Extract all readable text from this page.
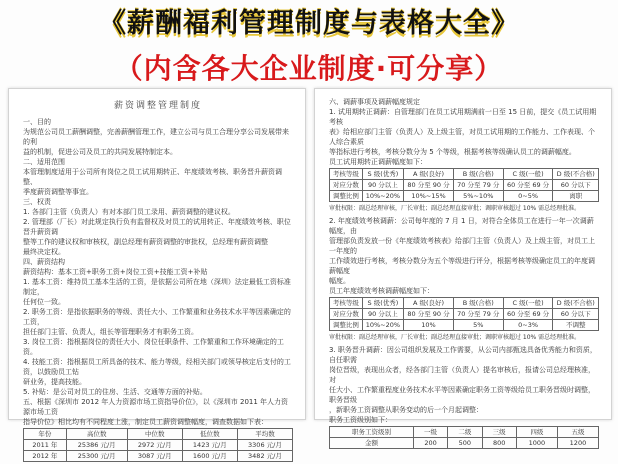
《薪酬福利管理制度与表格大全》
（内含各大企业制度·可分享）
薪资调整管理制度
一、目的
为规范公司员工薪酬调整，完善薪酬管理工作，建立公司与员工合理分享公司发展带来的利
益的机制，促进公司及员工的共同发展特制定本。
二、适用范围
本管理制度适用于公司所有岗位之员工试用期转正、年度绩效考核、职务晋升薪资调整、
季度薪资调整等事宜。
三、权责
1. 各部门主管（负责人）有对本部门员工录用、薪资调整的建议权。
2. 管理部（厂长）对此规定执行负有监督权及对员工的试用转正、年度绩效考核、职位晋升薪资调
整等工作的建议权和审核权，副总经理有薪资调整的审批权，总经理有薪资调整
最终决定权。
四、薪资结构
薪资结构：基本工资+职务工资+岗位工资+技能工资+补贴
1. 基本工资：维持员工基本生活的工资，是依据公司所在地（深圳）法定最低工资标准制定，
任何位一致。
2. 职务工资：是指依据职务的等级、责任大小、工作繁重和业务技术水平等因素确定的工资，
担任部门主管、负责人，组长等管理职务才有职务工资。
3. 岗位工资：指根据岗位的责任大小、岗位任职条件、工作繁重和工作环境确定的工资。
4. 技能工资：指根据员工所具备的技术、能力等级，经相关部门或领导核定后支付的工资，以鼓励员工钻
研业务，提高技能。
5. 补贴：是公司对员工的住房、生活、交通等方面的补贴。
五、根据《深圳市 2012 年人力资源市场工资指导价位》，以《深圳市 2011 年人力资源市场工资
指导价位》相比均有不同程度上涨，制定员工薪资调整幅度，调查数据如下表：
年份	高位数	中位数	低位数	平均数
2011 年	25386 元/月	2972 元/月	1423 元/月	3306 元/月
2012 年	25300 元/月	3087 元/月	1600 元/月	3482 元/月
六、调薪事项及调薪幅度规定
1. 试用期转正调薪：自管理部门在员工试用期满前一日至 15 日前，提交《员工试用期考核
表》给相应部门主管（负责人）及上级主管，对员工试用期的工作能力、工作表现、个人综合素质
等指标进行考核，考核分数分为 5 个等级，根据考核等级确认员工的调薪幅度。
员工试用期转正调薪幅度如下：
考核等级	S 级(优秀)	A 级(良好)	B 级(合格)	C 级(一般)	D 级(不合格)
对应分数	90 分以上	80 分至 90 分	70 分至 79 分	60 分至 69 分	60 分以下
调整比例	10%~20%	10%~15%	5%~10%	0~5%	离职
审批权限：副总经理审核，厂长审批；副总经理直接审批；调职审核超过 10% 需总经理批准。
2. 年度绩效考核调薪：公司每年度的 7 月 1 日，对符合全体员工在进行一年一次调薪幅度，由
管理部负责发放一份《年度绩效考核表》给部门主管（负责人）及上级主管，对员工上一年度的
工作绩效进行考核，考核分数分为五个等级进行评分，根据考核等级确定员工的年度调薪幅度
幅度。
员工年度绩效考核调薪幅度如下：
考核等级	S 级(优秀)	A 级(良好)	B 级(合格)	C 级(一般)	D 级(不合格)
对应分数	90 分以上	80 分至 90 分	70 分至 79 分	60 分至 69 分	60 分以下
调整比例	10%~20%	10%	5%	0~3%	不调整
审批权限：副总经理审核，厂长审批；副总经理直接审批；调职审核超过 10% 需总经理批准。
3. 职务晋升调薪：因公司组织发展及工作需要，从公司内部甄选具备优秀能力和资质，自任职需
岗位晋级，表现出众者，经各部门主管（负责人）提名审核后，报请公司总经理核准，对
任大小、工作繁重程度业务技术水平等因素确定职务工资等级给员工职务晋级时调整，职务晋级
，新职务工资调整从职务变动的后一个月起调整：
职务工资级别如下：
职务工资级别	一级	二级	三级	四级	五级
金额	200	500	800	1000	1200
